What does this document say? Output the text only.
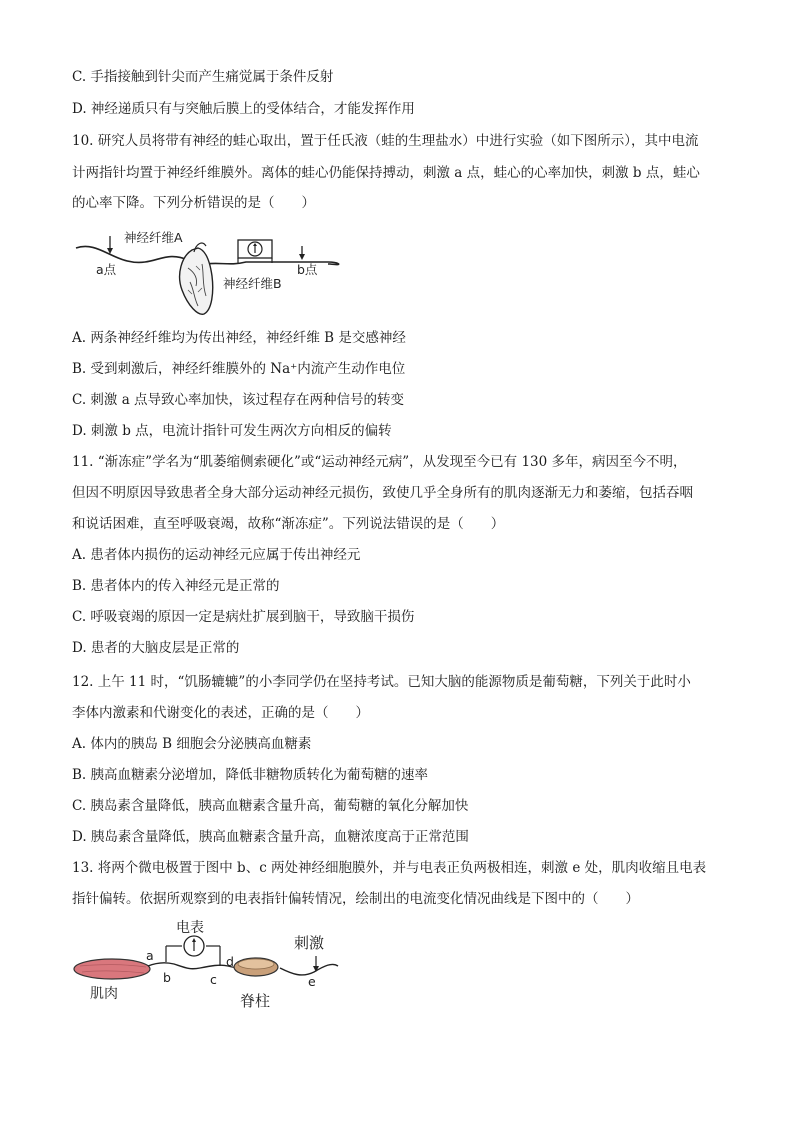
C. 手指接触到针尖而产生痛觉属于条件反射
D. 神经递质只有与突触后膜上的受体结合，才能发挥作用
10. 研究人员将带有神经的蛙心取出，置于任氏液（蛙的生理盐水）中进行实验（如下图所示），其中电流
计两指针均置于神经纤维膜外。离体的蛙心仍能保持搏动，刺激 a 点，蛙心的心率加快，刺激 b 点，蛙心
的心率下降。下列分析错误的是（　　）
神经纤维A
神经纤维B
a点	b点
A. 两条神经纤维均为传出神经，神经纤维 B 是交感神经
B. 受到刺激后，神经纤维膜外的 Na⁺内流产生动作电位
C. 刺激 a 点导致心率加快，该过程存在两种信号的转变
D. 刺激 b 点，电流计指针可发生两次方向相反的偏转
11. “渐冻症”学名为“肌萎缩侧索硬化”或“运动神经元病”，从发现至今已有 130 多年，病因至今不明，
但因不明原因导致患者全身大部分运动神经元损伤，致使几乎全身所有的肌肉逐渐无力和萎缩，包括吞咽
和说话困难，直至呼吸衰竭，故称“渐冻症”。下列说法错误的是（　　）
A. 患者体内损伤的运动神经元应属于传出神经元
B. 患者体内的传入神经元是正常的
C. 呼吸衰竭的原因一定是病灶扩展到脑干，导致脑干损伤
D. 患者的大脑皮层是正常的
12. 上午 11 时，“饥肠辘辘”的小李同学仍在坚持考试。已知大脑的能源物质是葡萄糖，下列关于此时小
李体内激素和代谢变化的表述，正确的是（　　）
A. 体内的胰岛 B 细胞会分泌胰高血糖素
B. 胰高血糖素分泌增加，降低非糖物质转化为葡萄糖的速率
C. 胰岛素含量降低，胰高血糖素含量升高，葡萄糖的氧化分解加快
D. 胰岛素含量降低，胰高血糖素含量升高，血糖浓度高于正常范围
13. 将两个微电极置于图中 b、c 两处神经细胞膜外，并与电表正负两极相连，刺激 e 处，肌肉收缩且电表
指针偏转。依据所观察到的电表指针偏转情况，绘制出的电流变化情况曲线是下图中的（　　）
电表
刺激
肌肉	脊柱
a
b	c
d
e
